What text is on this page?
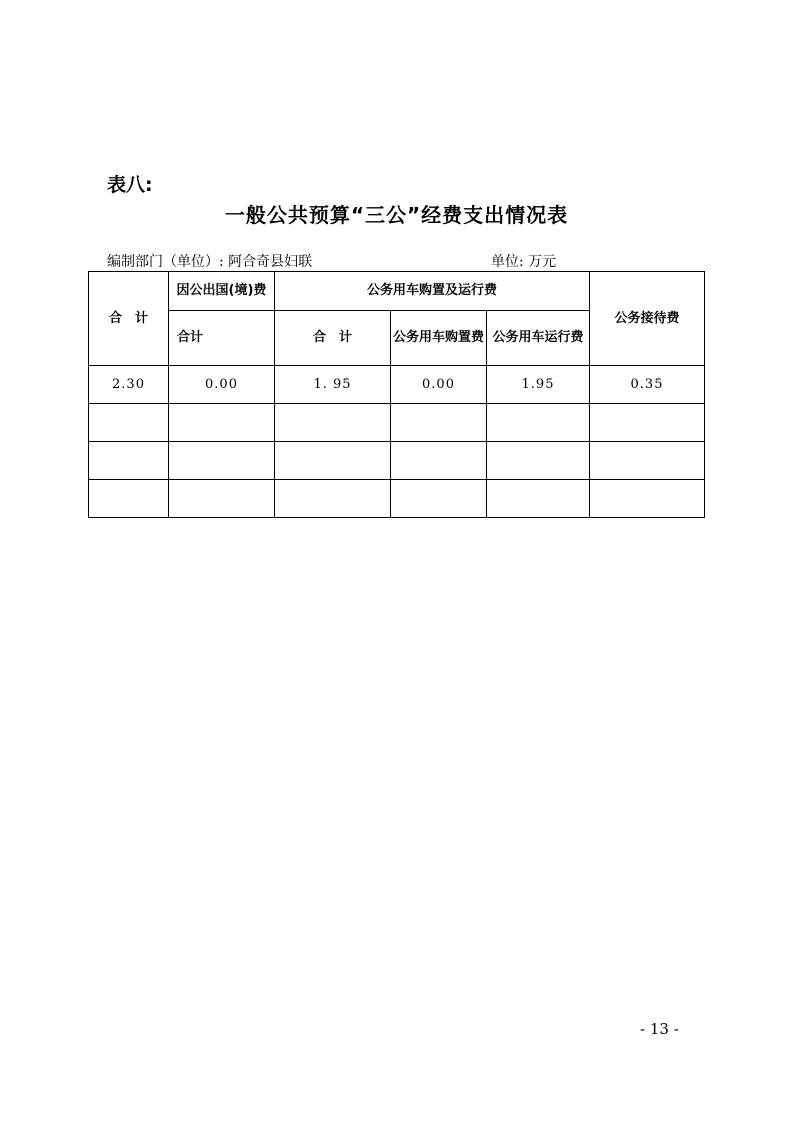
表八:
一般公共预算“三公”经费支出情况表
编制部门（单位）: 阿合奇县妇联	单位: 万元
合　计	因公出国(境)费	公务用车购置及运行费			公务接待费
	合计	合　计	公务用车购置费	公务用车运行费	
2.30	0.00	1. 95	0.00	1.95	0.35

- 13 -
